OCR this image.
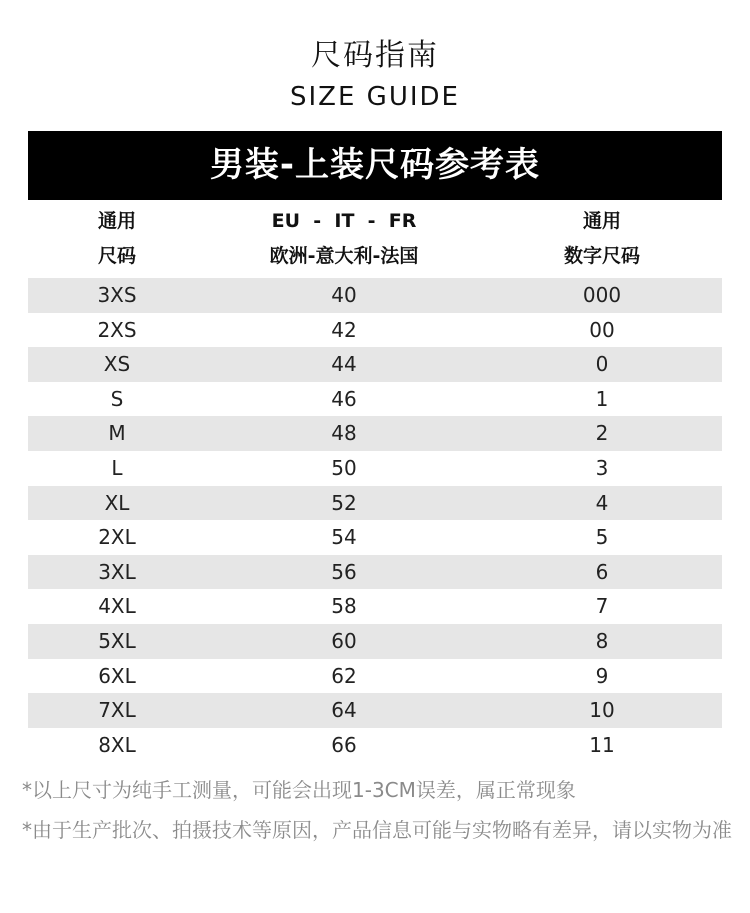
尺码指南
SIZE GUIDE
男装-上装尺码参考表
通用
尺码
EU  -  IT  -  FR
欧洲-意大利-法国
通用
数字尺码
3XS	40	000
2XS	42	00
XS	44	0
S	46	1
M	48	2
L	50	3
XL	52	4
2XL	54	5
3XL	56	6
4XL	58	7
5XL	60	8
6XL	62	9
7XL	64	10
8XL	66	11
*以上尺寸为纯手工测量，可能会出现1-3CM误差，属正常现象
*由于生产批次、拍摄技术等原因，产品信息可能与实物略有差异，请以实物为准
